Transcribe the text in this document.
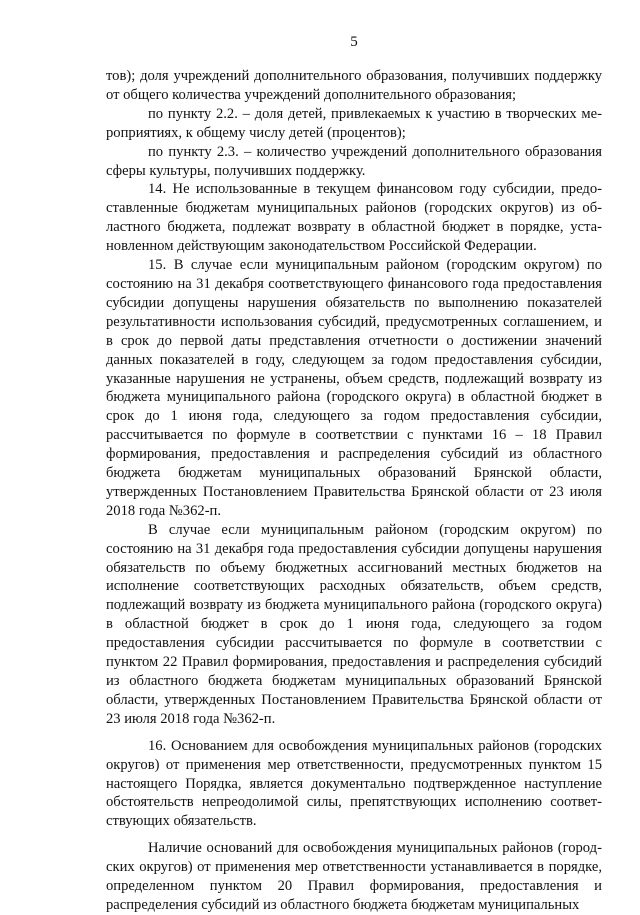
5

тов); доля учреждений дополнительного образования, получивших поддержку от общего количества учреждений дополнительного образования;

по пункту 2.2. – доля детей, привлекаемых к участию в творческих мероприятиях, к общему числу детей (процентов);

по пункту 2.3. – количество учреждений дополнительного образования сферы культуры, получивших поддержку.

14. Не использованные в текущем финансовом году субсидии, предоставленные бюджетам муниципальных районов (городских округов) из областного бюджета, подлежат возврату в областной бюджет в порядке, установленном действующим законодательством Российской Федерации.

15. В случае если муниципальным районом (городским округом) по состоянию на 31 декабря соответствующего финансового года предоставления субсидии допущены нарушения обязательств по выполнению показателей результативности использования субсидий, предусмотренных соглашением, и в срок до первой даты представления отчетности о достижении значений данных показателей в году, следующем за годом предоставления субсидии, указанные нарушения не устранены, объем средств, подлежащий возврату из бюджета муниципального района (городского округа) в областной бюджет в срок до 1 июня года, следующего за годом предоставления субсидии, рассчитывается по формуле в соответствии с пунктами 16 – 18 Правил формирования, предоставления и распределения субсидий из областного бюджета бюджетам муниципальных образований Брянской области, утвержденных Постановлением Правительства Брянской области от 23 июля 2018 года №362-п.

В случае если муниципальным районом (городским округом) по состоянию на 31 декабря года предоставления субсидии допущены нарушения обязательств по объему бюджетных ассигнований местных бюджетов на исполнение соответствующих расходных обязательств, объем средств, подлежащий возврату из бюджета муниципального района (городского округа) в областной бюджет в срок до 1 июня года, следующего за годом предоставления субсидии рассчитывается по формуле в соответствии с пунктом 22 Правил формирования, предоставления и распределения субсидий из областного бюджета бюджетам муниципальных образований Брянской области, утвержденных Постановлением Правительства Брянской области от 23 июля 2018 года №362-п.

16. Основанием для освобождения муниципальных районов (городских округов) от применения мер ответственности, предусмотренных пунктом 15 настоящего Порядка, является документально подтвержденное наступление обстоятельств непреодолимой силы, препятствующих исполнению соответствующих обязательств.

Наличие оснований для освобождения муниципальных районов (городских округов) от применения мер ответственности устанавливается в порядке, определенном пунктом 20 Правил формирования, предоставления и распределения субсидий из областного бюджета бюджетам муниципальных
